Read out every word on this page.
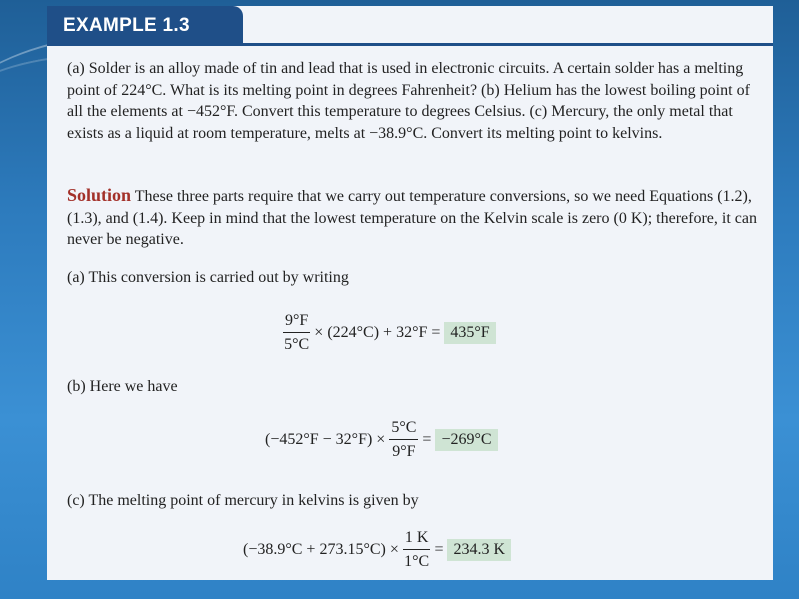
EXAMPLE 1.3
(a) Solder is an alloy made of tin and lead that is used in electronic circuits. A certain solder has a melting point of 224°C. What is its melting point in degrees Fahrenheit? (b) Helium has the lowest boiling point of all the elements at −452°F. Convert this temperature to degrees Celsius. (c) Mercury, the only metal that exists as a liquid at room temperature, melts at −38.9°C. Convert its melting point to kelvins.
Solution These three parts require that we carry out temperature conversions, so we need Equations (1.2), (1.3), and (1.4). Keep in mind that the lowest temperature on the Kelvin scale is zero (0 K); therefore, it can never be negative.
(a) This conversion is carried out by writing
$\frac{9^\circ F}{5^\circ C} \times (224^\circ C) + 32^\circ F = 435^\circ F$
(b) Here we have
$(-452^\circ F - 32^\circ F) \times \frac{5^\circ C}{9^\circ F} = -269^\circ C$
(c) The melting point of mercury in kelvins is given by
$(-38.9^\circ C + 273.15^\circ C) \times \frac{1 K}{1^\circ C} = 234.3$ K
